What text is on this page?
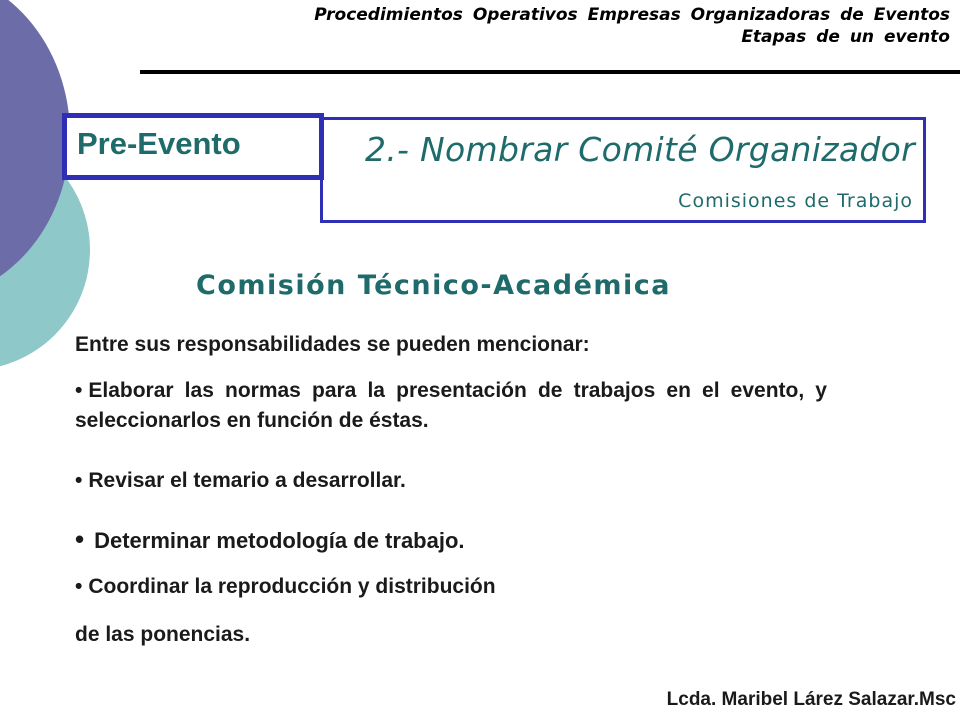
Procedimientos Operativos Empresas Organizadoras de Eventos
Etapas de un evento
2.- Nombrar Comité Organizador
Comisiones de Trabajo
Pre-Evento
Comisión Técnico-Académica
Entre sus responsabilidades se pueden mencionar:
• Elaborar las normas para la presentación de trabajos en el evento, y seleccionarlos en función de éstas.
• Revisar el temario a desarrollar.
• Determinar metodología de trabajo.
• Coordinar la reproducción y distribución
de las ponencias.
Lcda. Maribel Lárez Salazar.Msc
